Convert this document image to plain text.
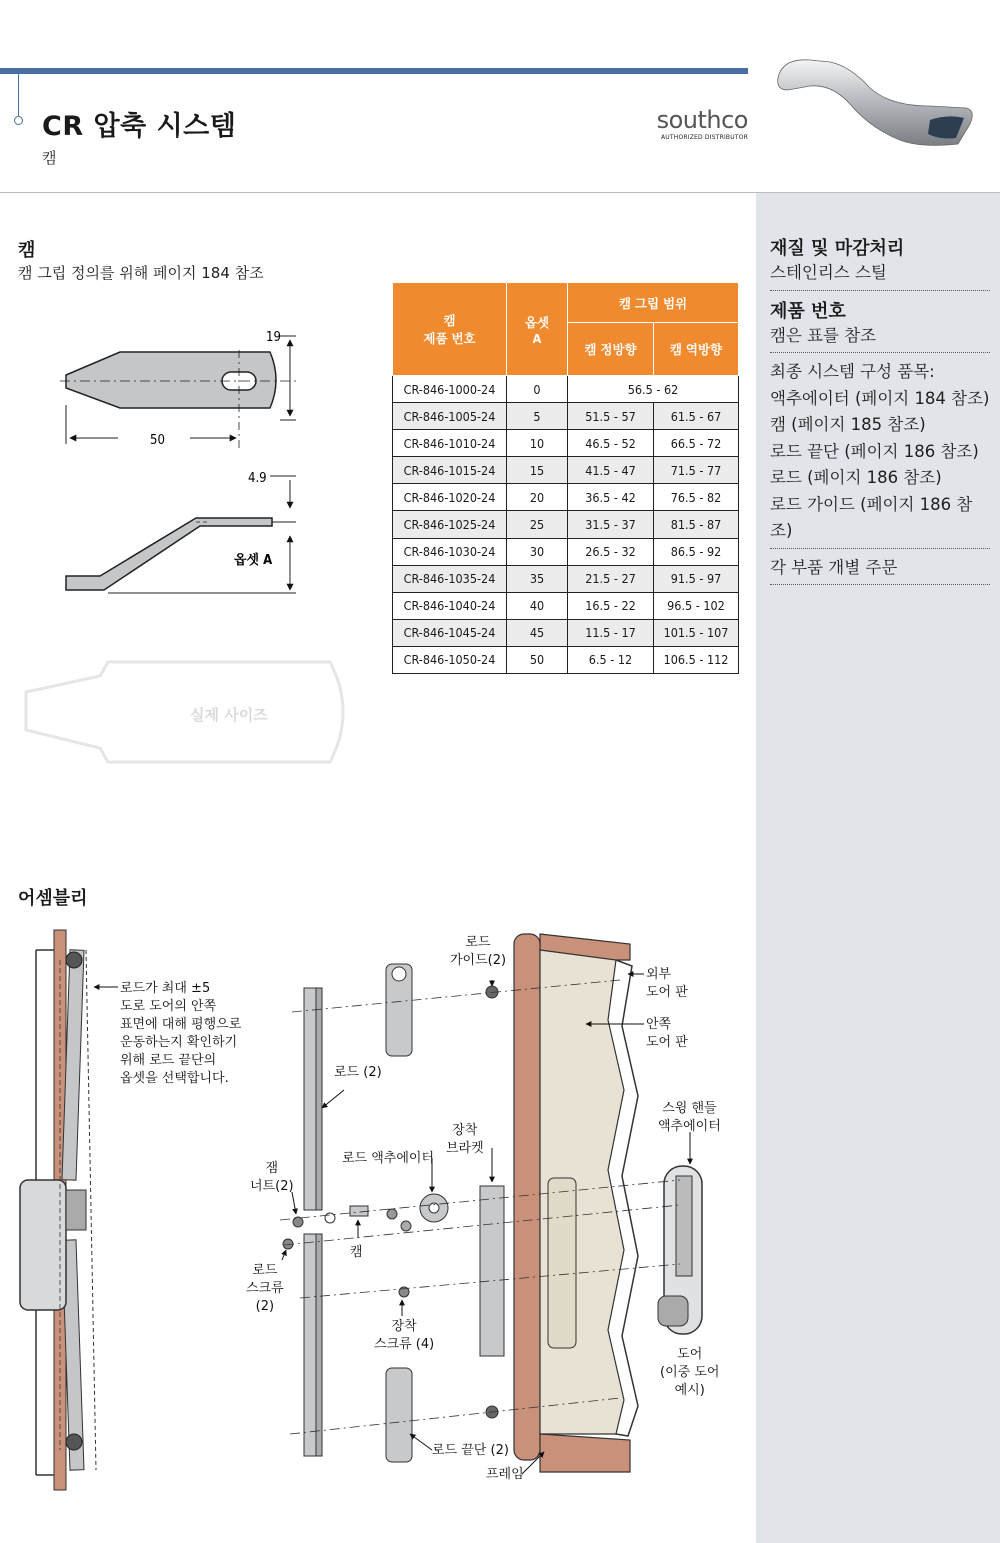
CR 압축 시스템
캠
southco
AUTHORIZED DISTRIBUTOR
재질 및 마감처리
스테인리스 스틸
제품 번호
캠은 표를 참조
최종 시스템 구성 품목:
액추에이터 (페이지 184 참조)
캠 (페이지 185 참조)
로드 끝단 (페이지 186 참조)
로드 (페이지 186 참조)
로드 가이드 (페이지 186 참조)
각 부품 개별 주문
캠
캠 그립 정의를 위해 페이지 184 참조
19
50
4.9
옵셋 A
실제 사이즈
캠
제품 번호	옵셋
A	캠 그립 범위	
		캠 정방향	캠 역방향
CR-846-1000-24	0	56.5 - 62	
CR-846-1005-24	5	51.5 - 57	61.5 - 67
CR-846-1010-24	10	46.5 - 52	66.5 - 72
CR-846-1015-24	15	41.5 - 47	71.5 - 77
CR-846-1020-24	20	36.5 - 42	76.5 - 82
CR-846-1025-24	25	31.5 - 37	81.5 - 87
CR-846-1030-24	30	26.5 - 32	86.5 - 92
CR-846-1035-24	35	21.5 - 27	91.5 - 97
CR-846-1040-24	40	16.5 - 22	96.5 - 102
CR-846-1045-24	45	11.5 - 17	101.5 - 107
CR-846-1050-24	50	6.5 - 12	106.5 - 112
어셈블리
로드가 최대 ±5
도로 도어의 안쪽
표면에 대해 평행으로
운동하는지 확인하기
위해 로드 끝단의
옵셋을 선택합니다.
로드
가이드(2)
외부
도어 판
안쪽
도어 판
로드 (2)
장착
브라켓
스윙 핸들
액추에이터
로드 액추에이터
잼
너트(2)
캠
로드
스크류
(2)
장착
스크류 (4)
도어
(이중 도어
예시)
로드 끝단 (2)
프레임
